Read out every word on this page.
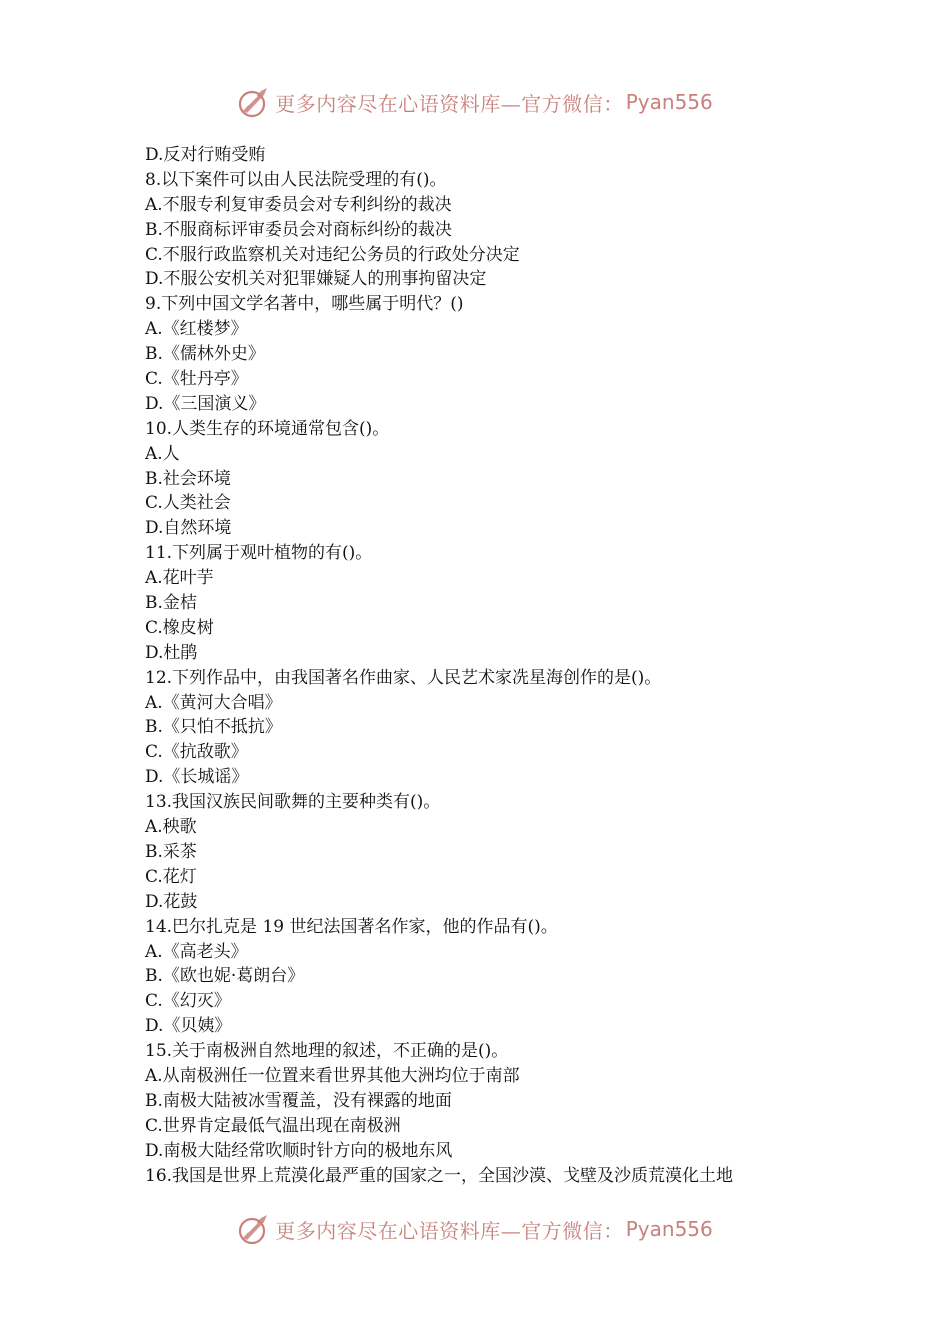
更多内容尽在心语资料库—官方微信： Pyan556
D.反对行贿受贿
8.以下案件可以由人民法院受理的有()。
A.不服专利复审委员会对专利纠纷的裁决
B.不服商标评审委员会对商标纠纷的裁决
C.不服行政监察机关对违纪公务员的行政处分决定
D.不服公安机关对犯罪嫌疑人的刑事拘留决定
9.下列中国文学名著中，哪些属于明代？()
A.《红楼梦》
B.《儒林外史》
C.《牡丹亭》
D.《三国演义》
10.人类生存的环境通常包含()。
A.人
B.社会环境
C.人类社会
D.自然环境
11.下列属于观叶植物的有()。
A.花叶芋
B.金桔
C.橡皮树
D.杜鹃
12.下列作品中，由我国著名作曲家、人民艺术家冼星海创作的是()。
A.《黄河大合唱》
B.《只怕不抵抗》
C.《抗敌歌》
D.《长城谣》
13.我国汉族民间歌舞的主要种类有()。
A.秧歌
B.采茶
C.花灯
D.花鼓
14.巴尔扎克是 19 世纪法国著名作家，他的作品有()。
A.《高老头》
B.《欧也妮·葛朗台》
C.《幻灭》
D.《贝姨》
15.关于南极洲自然地理的叙述，不正确的是()。
A.从南极洲任一位置来看世界其他大洲均位于南部
B.南极大陆被冰雪覆盖，没有裸露的地面
C.世界肯定最低气温出现在南极洲
D.南极大陆经常吹顺时针方向的极地东风
16.我国是世界上荒漠化最严重的国家之一，全国沙漠、戈壁及沙质荒漠化土地
更多内容尽在心语资料库—官方微信： Pyan556
